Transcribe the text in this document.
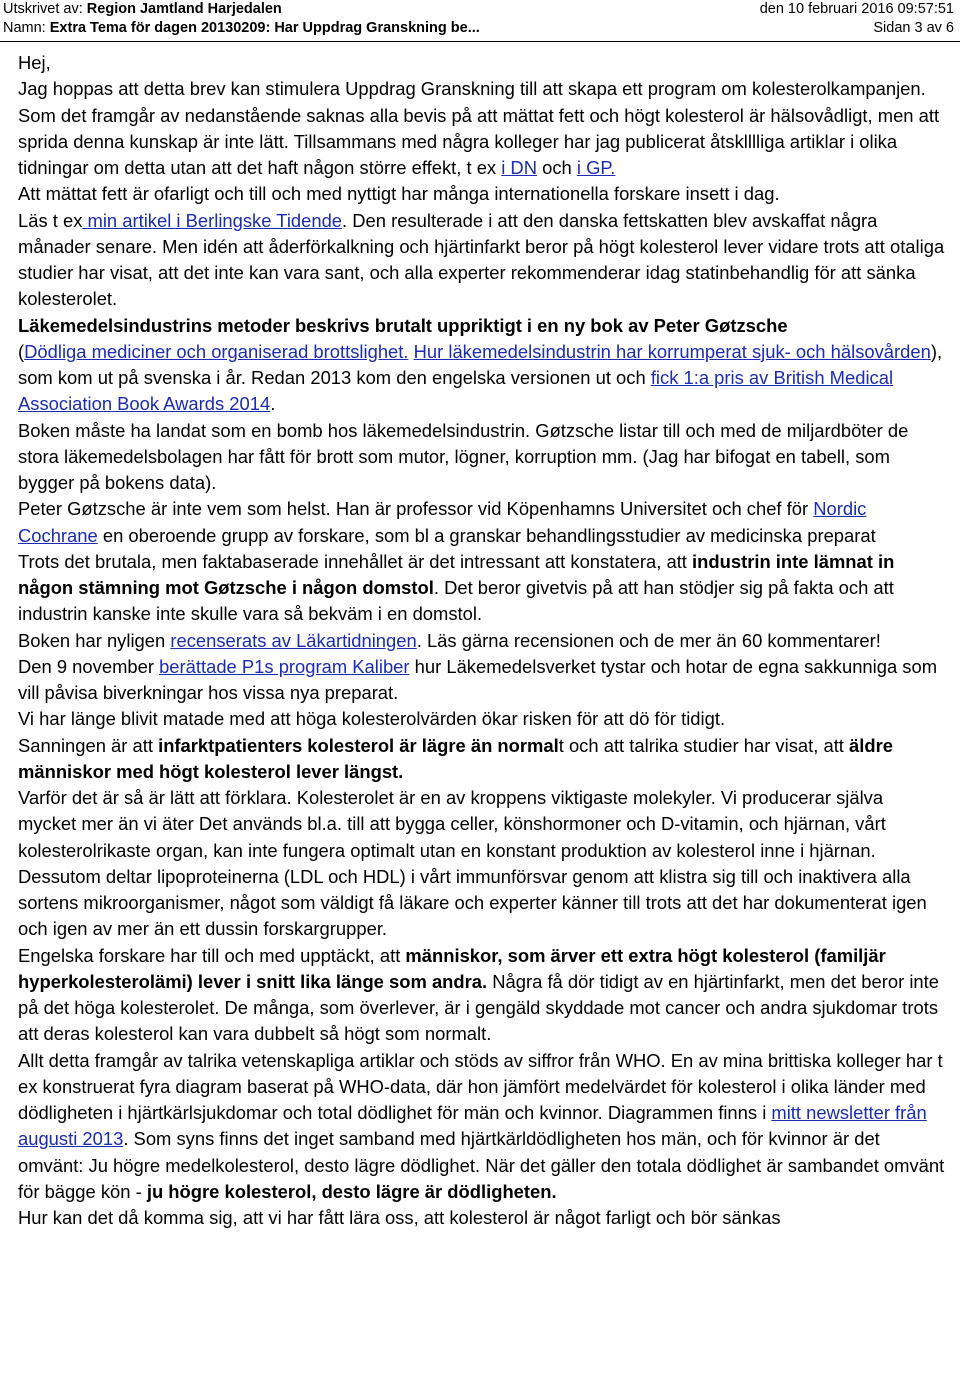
Utskrivet av: Region Jamtland Harjedalen	den 10 februari 2016 09:57:51
Namn: Extra Tema för dagen 20130209: Har Uppdrag Granskning be...	Sidan 3 av 6

Hej,

Jag hoppas att detta brev kan stimulera Uppdrag Granskning till att skapa ett program om kolesterolkampanjen. Som det framgår av nedanstående saknas alla bevis på att mättat fett och högt kolesterol är hälsovådligt, men att sprida denna kunskap är inte lätt. Tillsammans med några kolleger har jag publicerat åtsklllliga artiklar i olika tidningar om detta utan att det haft någon större effekt, t ex i DN och i GP.

Att mättat fett är ofarligt och till och med nyttigt har många internationella forskare insett i dag.

Läs t ex min artikel i Berlingske Tidende. Den resulterade i att den danska fettskatten blev avskaffat några månader senare. Men idén att åderförkalkning och hjärtinfarkt beror på högt kolesterol lever vidare trots att otaliga studier har visat, att det inte kan vara sant, och alla experter rekommenderar idag statinbehandlig för att sänka kolesterolet.

Läkemedelsindustrins metoder beskrivs brutalt uppriktigt i en ny bok av Peter Gøtzsche

(Dödliga mediciner och organiserad brottslighet. Hur läkemedelsindustrin har korrumperat sjuk- och hälsovården), som kom ut på svenska i år. Redan 2013 kom den engelska versionen ut och fick 1:a pris av British Medical Association Book Awards 2014.

Boken måste ha landat som en bomb hos läkemedelsindustrin. Gøtzsche listar till och med de miljardböter de stora läkemedelsbolagen har fått för brott som mutor, lögner, korruption mm. (Jag har bifogat en tabell, som bygger på bokens data).

Peter Gøtzsche är inte vem som helst. Han är professor vid Köpenhamns Universitet och chef för Nordic Cochrane en oberoende grupp av forskare, som bl a granskar behandlingsstudier av medicinska preparat

Trots det brutala, men faktabaserade innehållet är det intressant att konstatera, att industrin inte lämnat in någon stämning mot Gøtzsche i någon domstol. Det beror givetvis på att han stödjer sig på fakta och att industrin kanske inte skulle vara så bekväm i en domstol.

Boken har nyligen recenserats av Läkartidningen. Läs gärna recensionen och de mer än 60 kommentarer!

Den 9 november berättade P1s program Kaliber hur Läkemedelsverket tystar och hotar de egna sakkunniga som vill påvisa biverkningar hos vissa nya preparat.

Vi har länge blivit matade med att höga kolesterolvärden ökar risken för att dö för tidigt.

Sanningen är att infarktpatienters kolesterol är lägre än normalt och att talrika studier har visat, att äldre människor med högt kolesterol lever längst.

Varför det är så är lätt att förklara. Kolesterolet är en av kroppens viktigaste molekyler. Vi producerar själva mycket mer än vi äter Det används bl.a. till att bygga celler, könshormoner och D-vitamin, och hjärnan, vårt kolesterolrikaste organ, kan inte fungera optimalt utan en konstant produktion av kolesterol inne i hjärnan. Dessutom deltar lipoproteinerna (LDL och HDL) i vårt immunförsvar genom att klistra sig till och inaktivera alla sortens mikroorganismer, något som väldigt få läkare och experter känner till trots att det har dokumenterat igen och igen av mer än ett dussin forskargrupper.

Engelska forskare har till och med upptäckt, att människor, som ärver ett extra högt kolesterol (familjär hyperkolesterolämi) lever i snitt lika länge som andra. Några få dör tidigt av en hjärtinfarkt, men det beror inte på det höga kolesterolet. De många, som överlever, är i gengäld skyddade mot cancer och andra sjukdomar trots att deras kolesterol kan vara dubbelt så högt som normalt.

Allt detta framgår av talrika vetenskapliga artiklar och stöds av siffror från WHO. En av mina brittiska kolleger har t ex konstruerat fyra diagram baserat på WHO-data, där hon jämfört medelvärdet för kolesterol i olika länder med dödligheten i hjärtkärlsjukdomar och total dödlighet för män och kvinnor. Diagrammen finns i mitt newsletter från augusti 2013. Som syns finns det inget samband med hjärtkärldödligheten hos män, och för kvinnor är det omvänt: Ju högre medelkolesterol, desto lägre dödlighet. När det gäller den totala dödlighet är sambandet omvänt för bägge kön - ju högre kolesterol, desto lägre är dödligheten.

Hur kan det då komma sig, att vi har fått lära oss, att kolesterol är något farligt och bör sänkas
